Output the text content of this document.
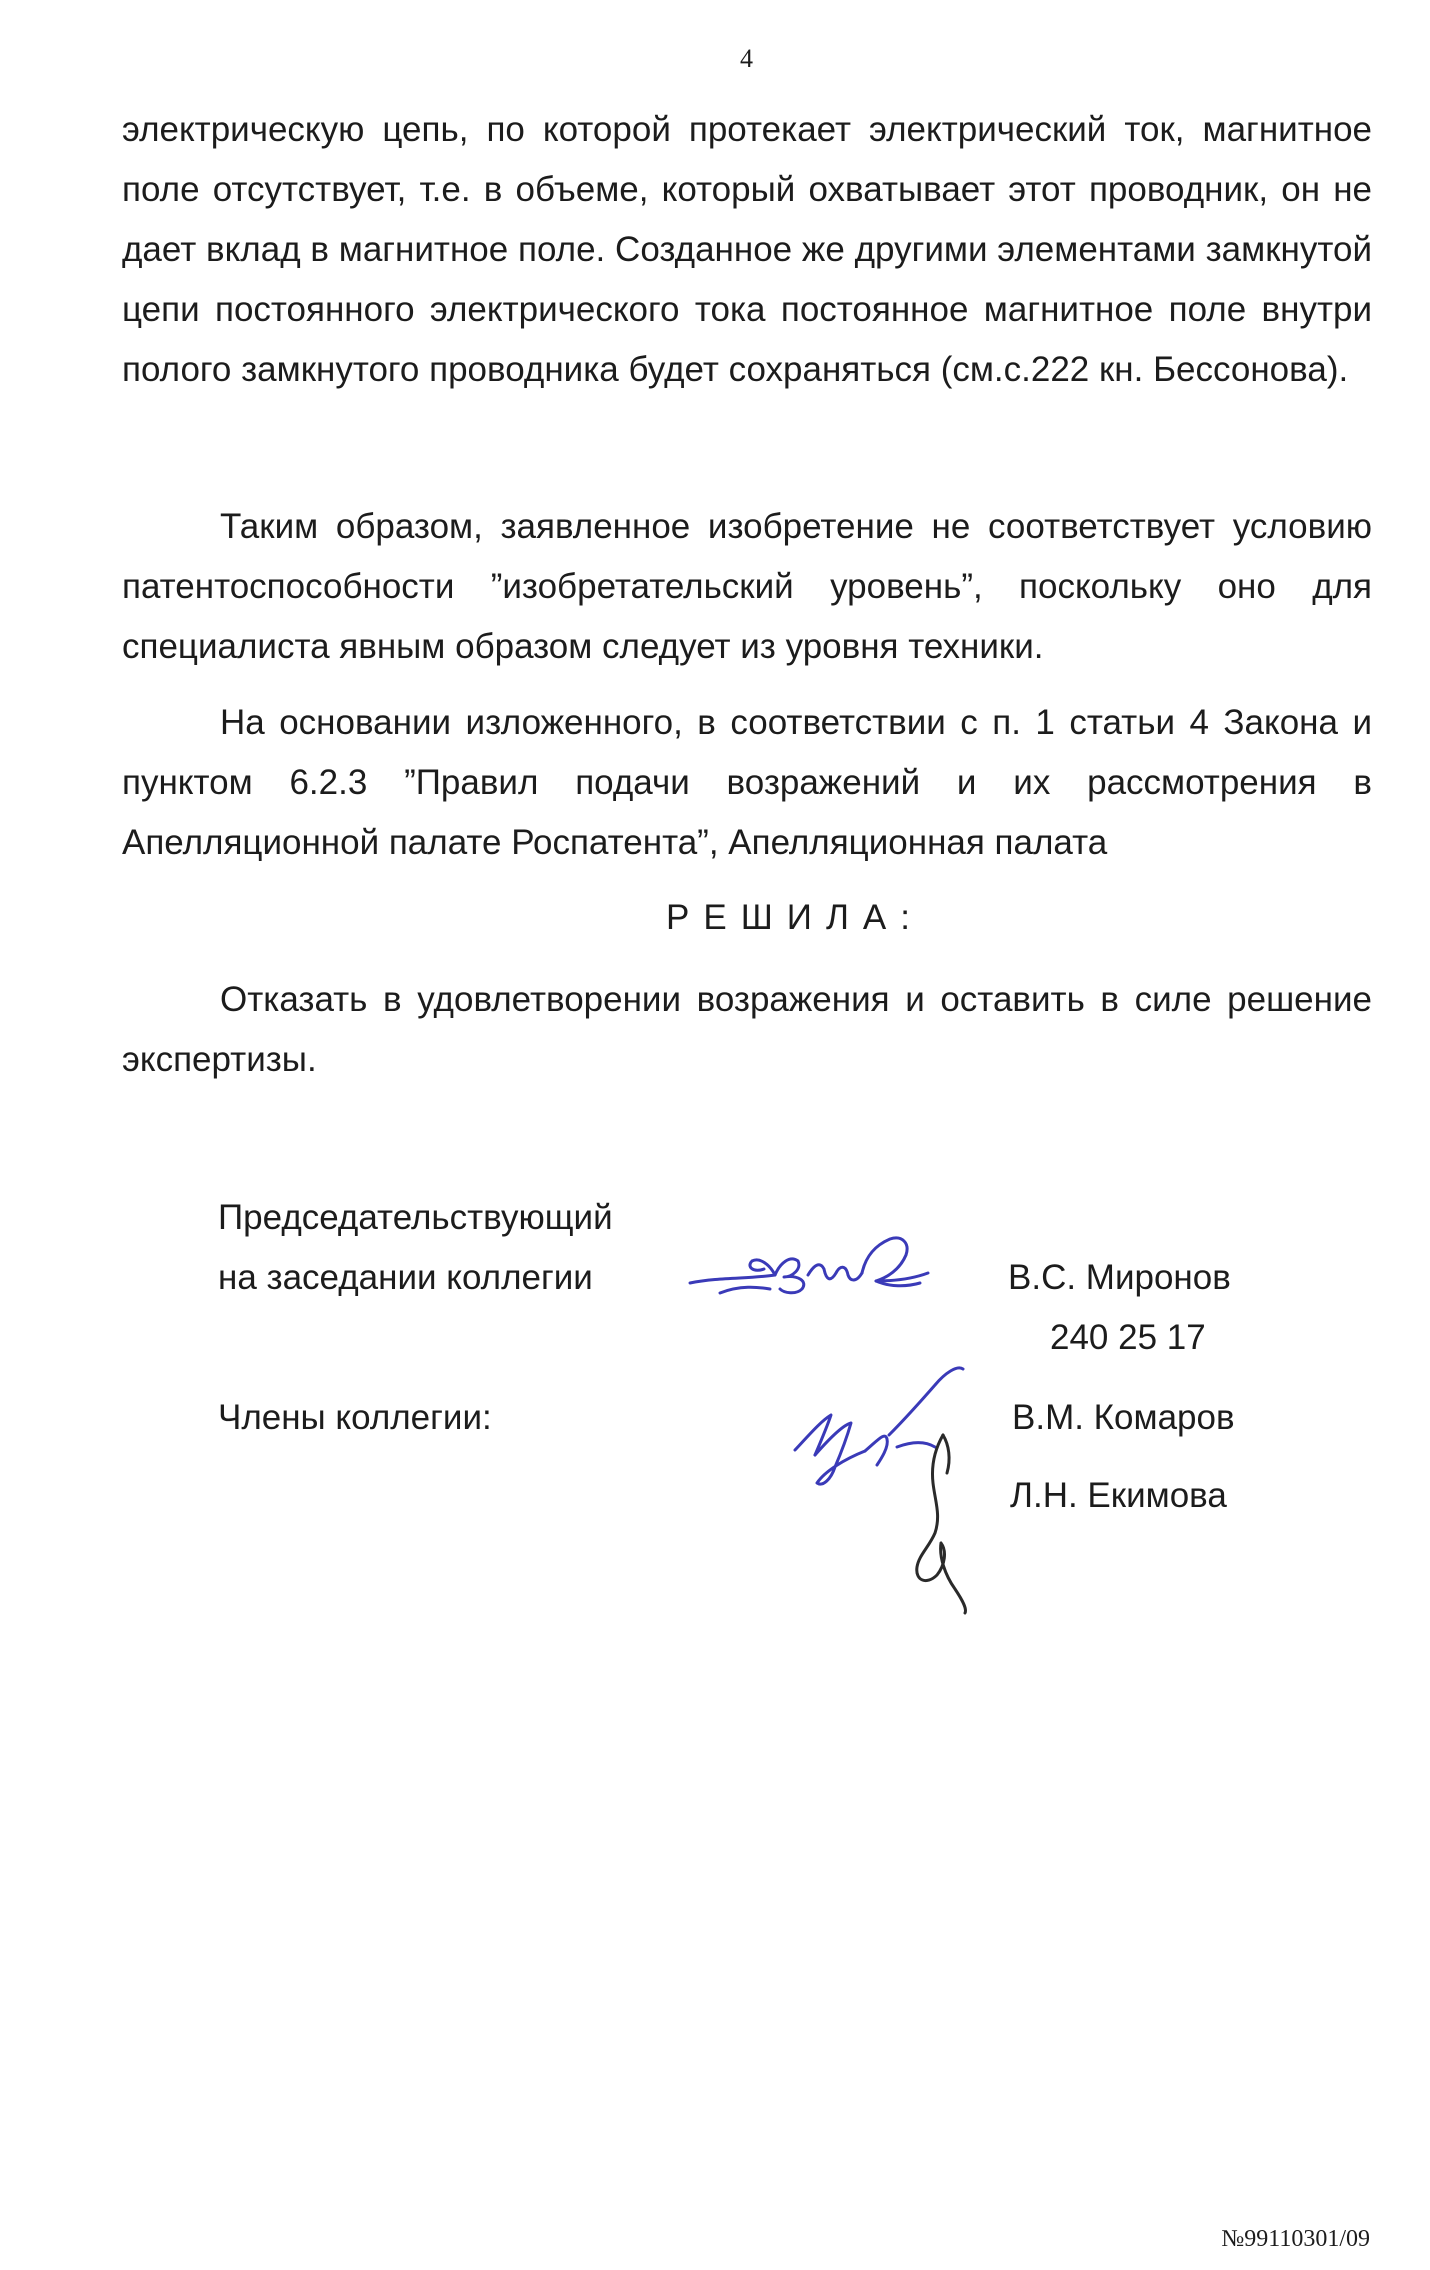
4

электрическую цепь, по которой протекает электрический ток, магнитное поле отсутствует, т.е. в объеме, который охватывает этот проводник, он не дает вклад в магнитное поле. Созданное же другими элементами замкнутой цепи постоянного электрического тока постоянное магнитное поле внутри полого замкнутого проводника будет сохраняться (см.с.222 кн. Бессонова).

Таким образом, заявленное изобретение не соответствует условию патентоспособности ”изобретательский уровень”, поскольку оно для специалиста явным образом следует из уровня техники.

На основании изложенного, в соответствии с п. 1 статьи 4 Закона и пунктом 6.2.3 ”Правил подачи возражений и их рассмотрения в Апелляционной палате Роспатента”, Апелляционная палата

РЕШИЛА:

Отказать в удовлетворении возражения и оставить в силе решение экспертизы.

Председательствующий
на заседании коллегии	В.С. Миронов
240 25 17
Члены коллегии:	В.М. Комаров
Л.Н. Екимова
№99110301/09
